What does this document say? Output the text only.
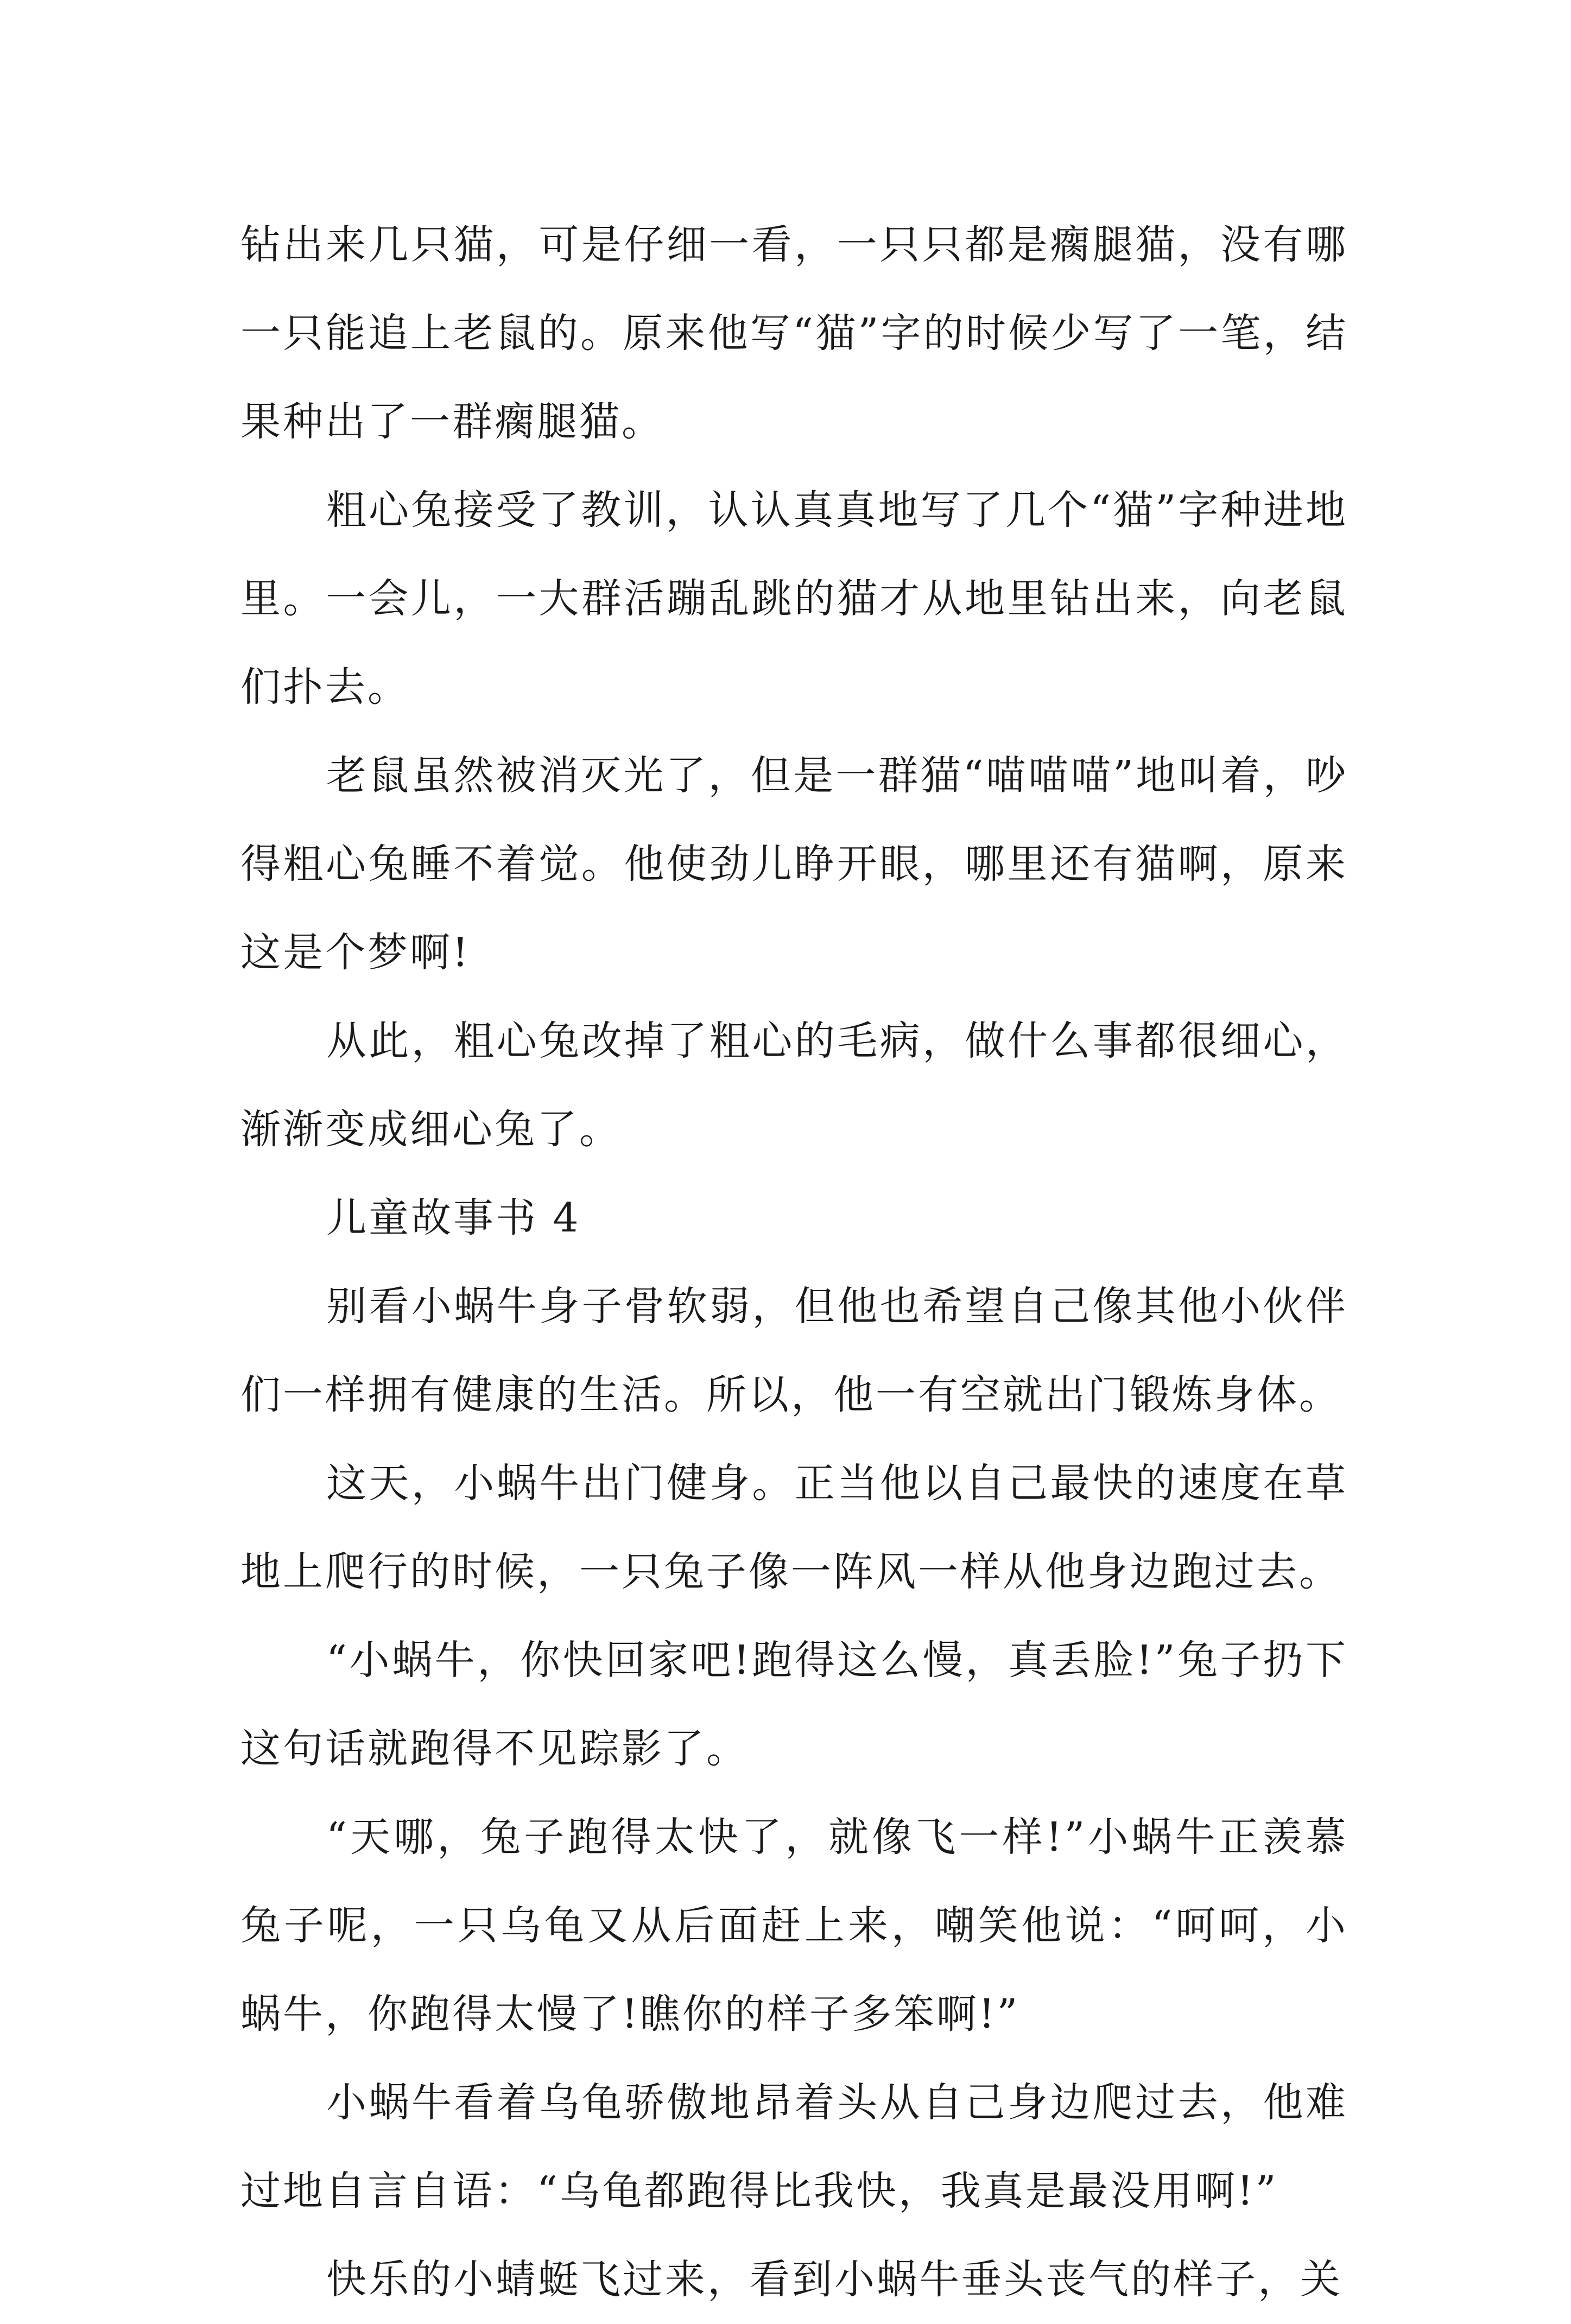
钻出来几只猫，可是仔细一看，一只只都是瘸腿猫，没有哪一只能追上老鼠的。原来他写“猫”字的时候少写了一笔，结果种出了一群瘸腿猫。

粗心兔接受了教训，认认真真地写了几个“猫”字种进地里。一会儿，一大群活蹦乱跳的猫才从地里钻出来，向老鼠们扑去。

老鼠虽然被消灭光了，但是一群猫“喵喵喵”地叫着，吵得粗心兔睡不着觉。他使劲儿睁开眼，哪里还有猫啊，原来这是个梦啊!

从此，粗心兔改掉了粗心的毛病，做什么事都很细心，渐渐变成细心兔了。

儿童故事书 4

别看小蜗牛身子骨软弱，但他也希望自己像其他小伙伴们一样拥有健康的生活。所以，他一有空就出门锻炼身体。

这天，小蜗牛出门健身。正当他以自己最快的速度在草地上爬行的时候，一只兔子像一阵风一样从他身边跑过去。

“小蜗牛，你快回家吧!跑得这么慢，真丢脸!”兔子扔下这句话就跑得不见踪影了。

“天哪，兔子跑得太快了，就像飞一样!”小蜗牛正羡慕兔子呢，一只乌龟又从后面赶上来，嘲笑他说：“呵呵，小蜗牛，你跑得太慢了!瞧你的样子多笨啊!”

小蜗牛看着乌龟骄傲地昂着头从自己身边爬过去，他难过地自言自语：“乌龟都跑得比我快，我真是最没用啊!”

快乐的小蜻蜓飞过来，看到小蜗牛垂头丧气的样子，关
